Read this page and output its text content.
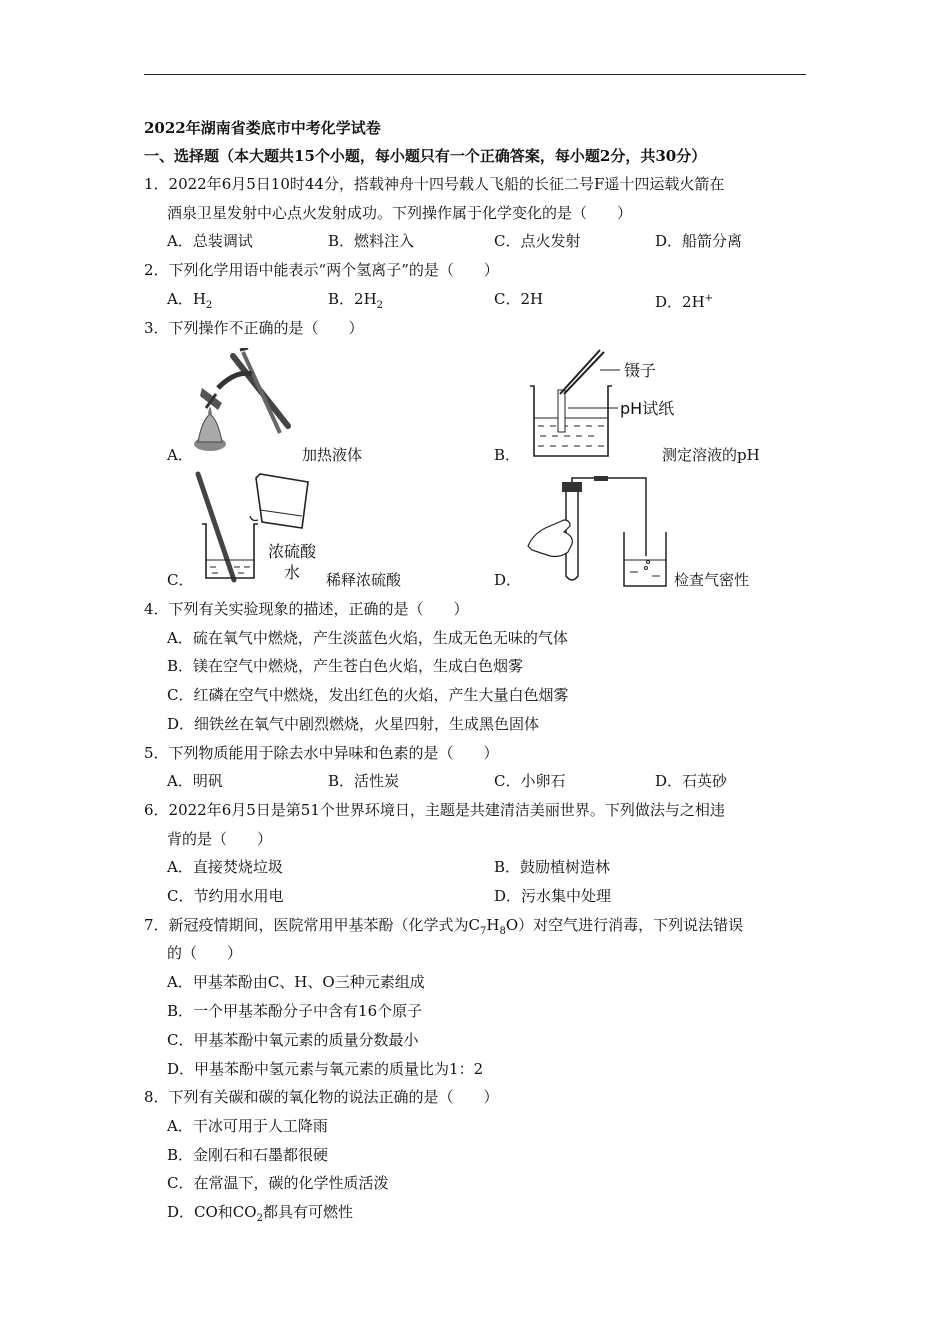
2022年湖南省娄底市中考化学试卷
一、选择题（本大题共15个小题，每小题只有一个正确答案，每小题2分，共30分）
1．2022年6月5日10时44分，搭载神舟十四号载人飞船的长征二号F遥十四运载火箭在
酒泉卫星发射中心点火发射成功。下列操作属于化学变化的是（　　）
A．总装调试	B．燃料注入	C．点火发射	D．船箭分离
2．下列化学用语中能表示“两个氢离子”的是（　　）
A．$H_2$	B．$2H_2$	C．2H	D．2H+
3．下列操作不正确的是（　　）
A．	加热液体
镊子
pH试纸
B．	测定溶液的pH
浓硫酸
水
C．	稀释浓硫酸	D．	检查气密性
4．下列有关实验现象的描述，正确的是（　　）
A．硫在氧气中燃烧，产生淡蓝色火焰，生成无色无味的气体
B．镁在空气中燃烧，产生苍白色火焰，生成白色烟雾
C．红磷在空气中燃烧，发出红色的火焰，产生大量白色烟雾
D．细铁丝在氧气中剧烈燃烧，火星四射，生成黑色固体
5．下列物质能用于除去水中异味和色素的是（　　）
A．明矾	B．活性炭	C．小卵石	D．石英砂
6．2022年6月5日是第51个世界环境日，主题是共建清洁美丽世界。下列做法与之相违
背的是（　　）
A．直接焚烧垃圾	B．鼓励植树造林
C．节约用水用电	D．污水集中处理
7．新冠疫情期间，医院常用甲基苯酚（化学式为$C_7H_8O$）对空气进行消毒，下列说法错误
的（　　）
A．甲基苯酚由C、H、O三种元素组成
B．一个甲基苯酚分子中含有16个原子
C．甲基苯酚中氧元素的质量分数最小
D．甲基苯酚中氢元素与氧元素的质量比为1：2
8．下列有关碳和碳的氧化物的说法正确的是（　　）
A．干冰可用于人工降雨
B．金刚石和石墨都很硬
C．在常温下，碳的化学性质活泼
D．CO和$CO_2$都具有可燃性
